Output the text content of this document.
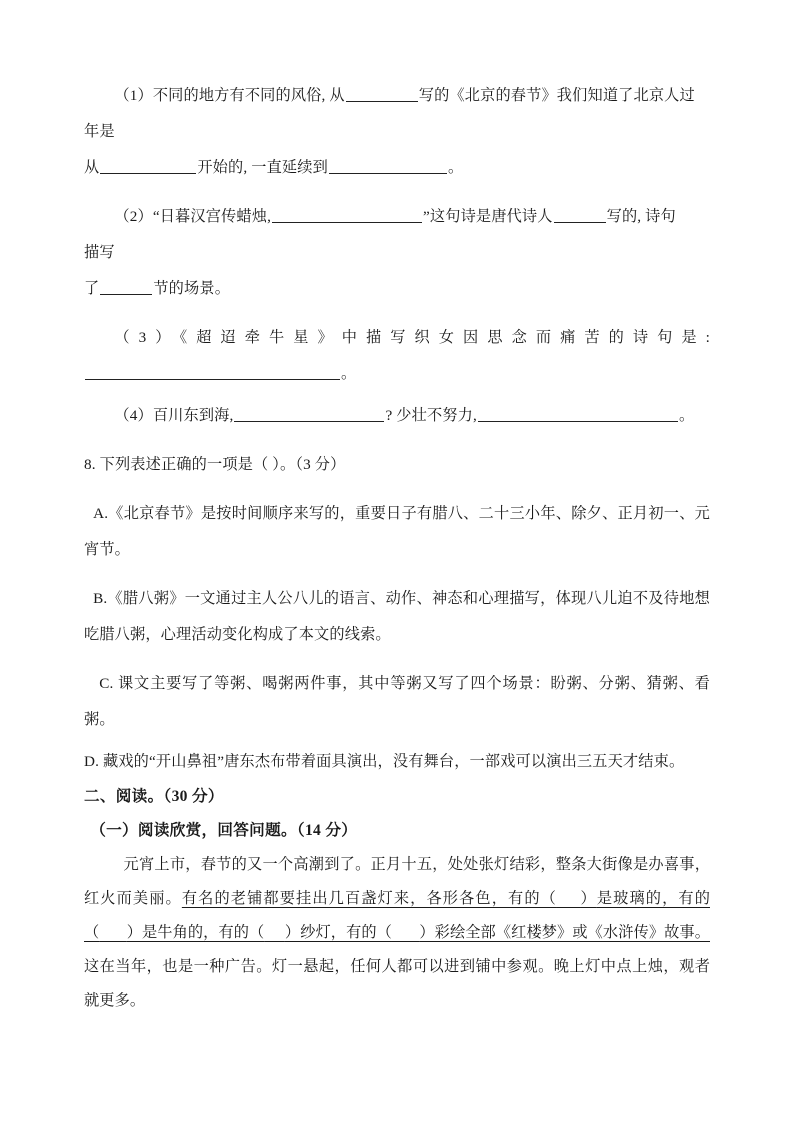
（1）不同的地方有不同的风俗, 从	写的《北京的春节》我们知道了北京人过

年是

从	开始的, 一直延续到	。

（2）“日暮汉宫传蜡烛,	”这句诗是唐代诗人	写的, 诗句

描写

了	节的场景。

（3）《超迢牵牛星》中描写织女因思念而痛苦的诗句是:。

（4）百川东到海,	? 少壮不努力,	。

8. 下列表述正确的一项是（ ）。（3 分）

A.《北京春节》是按时间顺序来写的，重要日子有腊八、二十三小年、除夕、正月初一、元宵节。

B.《腊八粥》一文通过主人公八儿的语言、动作、神态和心理描写，体现八儿迫不及待地想吃腊八粥，心理活动变化构成了本文的线索。

C. 课文主要写了等粥、喝粥两件事，其中等粥又写了四个场景：盼粥、分粥、猜粥、看粥。

D. 藏戏的“开山鼻祖”唐东杰布带着面具演出，没有舞台，一部戏可以演出三五天才结束。

二、阅读。（30 分）

（一）阅读欣赏，回答问题。（14 分）

元宵上市，春节的又一个高潮到了。正月十五，处处张灯结彩，整条大街像是办喜事，红火而美丽。有名的老铺都要挂出几百盏灯来，各形各色，有的（ ）是玻璃的，有的（ ）是牛角的，有的（ ）纱灯，有的（ ）彩绘全部《红楼梦》或《水浒传》故事。这在当年，也是一种广告。灯一悬起，任何人都可以进到铺中参观。晚上灯中点上烛，观者就更多。
